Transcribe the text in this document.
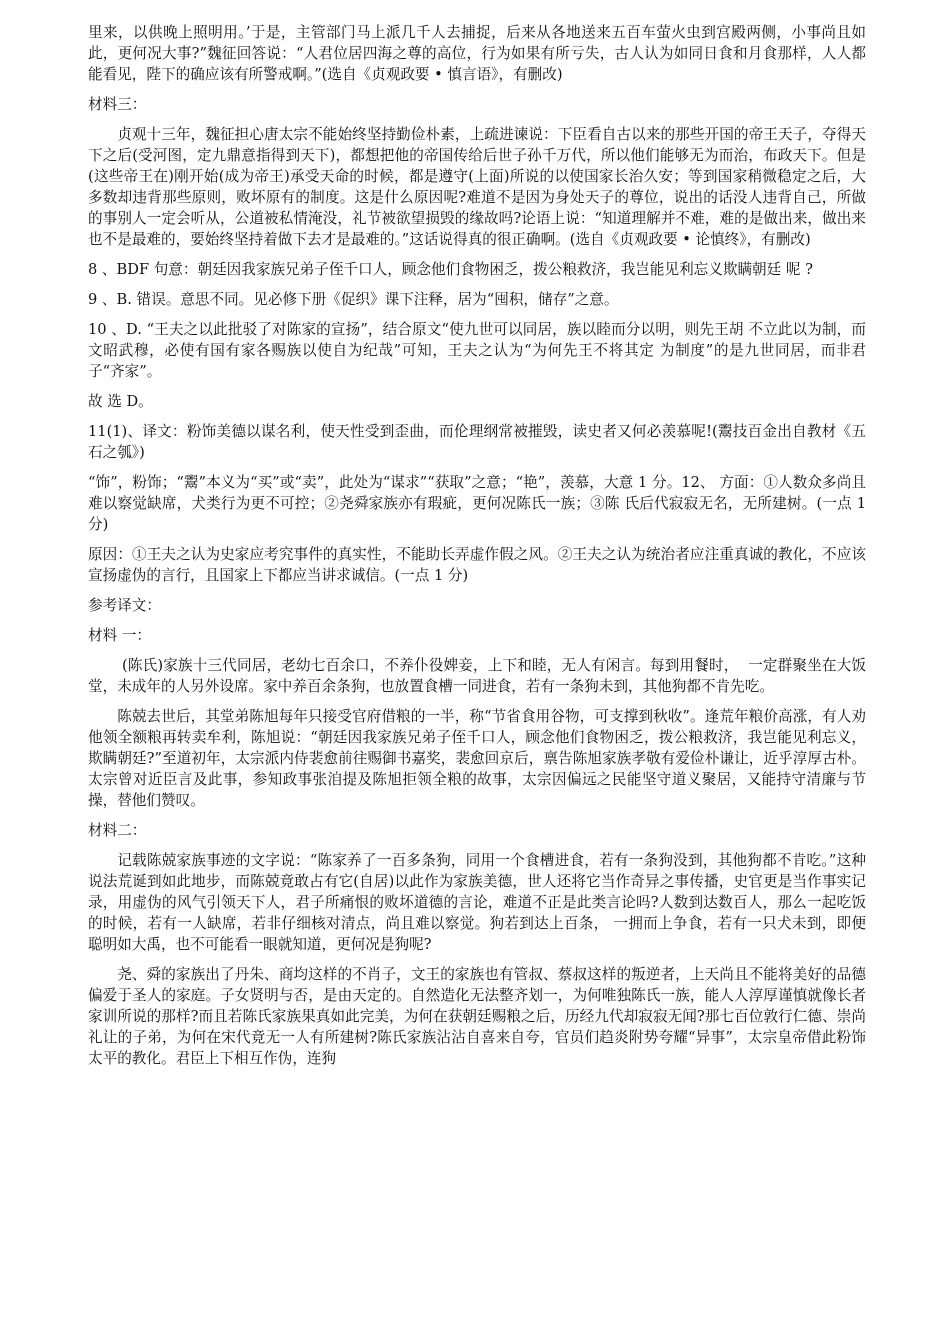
里来，以供晚上照明用。’于是，主管部门马上派几千人去捕捉，后来从各地送来五百车萤火虫到宫殿两侧，小事尚且如此，更何况大事?”魏征回答说：“人君位居四海之尊的高位，行为如果有所亏失，古人认为如同日食和月食那样，人人都能看见，陛下的确应该有所警戒啊。”(选自《贞观政要 • 慎言语》，有删改)

材料三：

贞观十三年，魏征担心唐太宗不能始终坚持勤俭朴素，上疏进谏说：下臣看自古以来的那些开国的帝王天子，夺得天下之后(受河图，定九鼎意指得到天下)，都想把他的帝国传给后世子孙千万代，所以他们能够无为而治，布政天下。但是(这些帝王在)刚开始(成为帝王)承受天命的时候，都是遵守(上面)所说的以使国家长治久安；等到国家稍微稳定之后，大多数却违背那些原则，败坏原有的制度。这是什么原因呢?难道不是因为身处天子的尊位，说出的话没人违背自己，所做的事别人一定会听从，公道被私情淹没，礼节被欲望损毁的缘故吗?论语上说：“知道理解并不难，难的是做出来，做出来也不是最难的，要始终坚持着做下去才是最难的。”这话说得真的很正确啊。(选自《贞观政要 • 论慎终》，有删改)

8 、BDF 句意：朝廷因我家族兄弟子侄千口人，顾念他们食物困乏，拨公粮救济，我岂能见利忘义欺瞒朝廷 呢 ?

9 、B. 错误。意思不同。见必修下册《促织》课下注释，居为“囤积，储存”之意。

10 、D. “王夫之以此批驳了对陈家的宣扬”，结合原文“使九世可以同居，族以睦而分以明，则先王胡 不立此以为制，而文昭武穆，必使有国有家各赐族以使自为纪哉”可知，王夫之认为“为何先王不将其定 为制度”的是九世同居，而非君子“齐家”。

故 选 D。

11(1)、译文：粉饰美德以谋名利，使天性受到歪曲，而伦理纲常被摧毁，读史者又何必羡慕呢!(鬻技百金出自教材《五石之瓠》)

“饰”，粉饰；“鬻”本义为“买”或“卖”，此处为“谋求”“获取”之意；“艳”，羡慕，大意 1 分。12、 方面：①人数众多尚且难以察觉缺席，犬类行为更不可控；②尧舜家族亦有瑕疵，更何况陈氏一族；③陈 氏后代寂寂无名，无所建树。(一点 1 分)

原因：①王夫之认为史家应考究事件的真实性，不能助长弄虚作假之风。②王夫之认为统治者应注重真诚的教化，不应该宣扬虚伪的言行，且国家上下都应当讲求诚信。(一点 1 分)

参考译文：

材料 一：

(陈氏)家族十三代同居，老幼七百余口，不养仆役婢妾，上下和睦，无人有闲言。每到用餐时，  一定群聚坐在大饭堂，未成年的人另外设席。家中养百余条狗，也放置食槽一同进食，若有一条狗未到，其他狗都不肯先吃。

陈兢去世后，其堂弟陈旭每年只接受官府借粮的一半，称“节省食用谷物，可支撑到秋收”。逢荒年粮价高涨，有人劝他领全额粮再转卖牟利，陈旭说：“朝廷因我家族兄弟子侄千口人，顾念他们食物困乏，拨公粮救济，我岂能见利忘义，欺瞒朝廷?”至道初年，太宗派内侍裴愈前往赐御书嘉奖，裴愈回京后，禀告陈旭家族孝敬有爱俭朴谦让，近乎淳厚古朴。太宗曾对近臣言及此事，参知政事张洎提及陈旭拒领全粮的故事，太宗因偏远之民能坚守道义聚居，又能持守清廉与节操，替他们赞叹。

材料二：

记载陈兢家族事迹的文字说：“陈家养了一百多条狗，同用一个食槽进食，若有一条狗没到，其他狗都不肯吃。”这种说法荒诞到如此地步，而陈兢竟敢占有它(自居)以此作为家族美德，世人还将它当作奇异之事传播，史官更是当作事实记录，用虚伪的风气引领天下人，君子所痛恨的败坏道德的言论，难道不正是此类言论吗?人数到达数百人，那么一起吃饭的时候，若有一人缺席，若非仔细核对清点，尚且难以察觉。狗若到达上百条， 一拥而上争食，若有一只犬未到，即便聪明如大禹，也不可能看一眼就知道，更何况是狗呢?

尧、舜的家族出了丹朱、商均这样的不肖子，文王的家族也有管叔、蔡叔这样的叛逆者，上天尚且不能将美好的品德偏爱于圣人的家庭。子女贤明与否，是由天定的。自然造化无法整齐划一，为何唯独陈氏一族，能人人淳厚谨慎就像长者家训所说的那样?而且若陈氏家族果真如此完美，为何在获朝廷赐粮之后，历经九代却寂寂无闻?那七百位敦行仁德、崇尚礼让的子弟，为何在宋代竟无一人有所建树?陈氏家族沾沾自喜来自夸，官员们趋炎附势夸耀“异事”，太宗皇帝借此粉饰太平的教化。君臣上下相互作伪，连狗
